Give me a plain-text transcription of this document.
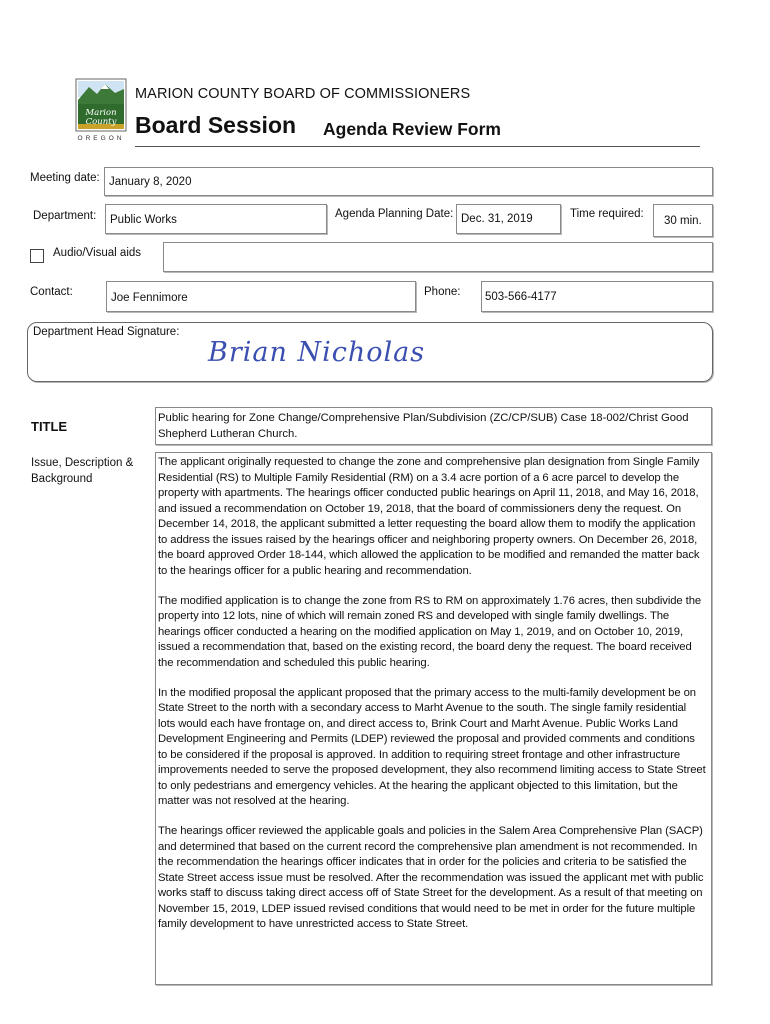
Marion
County
OREGON
MARION COUNTY BOARD OF COMMISSIONERS
Board Session Agenda Review Form
Meeting date: January 8, 2020
Department: Public Works	Agenda Planning Date: Dec. 31, 2019	Time required:
30 min.
Audio/Visual aids
Contact:	Joe Fennimore	Phone: 503-566-4177
Department Head Signature:
Brian Nicholas
TITLE
Public hearing for Zone Change/Comprehensive Plan/Subdivision (ZC/CP/SUB) Case 18-002/Christ Good Shepherd Lutheran Church.
Issue, Description & Background

The applicant originally requested to change the zone and comprehensive plan designation from Single Family Residential (RS) to Multiple Family Residential (RM) on a 3.4 acre portion of a 6 acre parcel to develop the property with apartments. The hearings officer conducted public hearings on April 11, 2018, and May 16, 2018, and issued a recommendation on October 19, 2018, that the board of commissioners deny the request. On December 14, 2018, the applicant submitted a letter requesting the board allow them to modify the application to address the issues raised by the hearings officer and neighboring property owners. On December 26, 2018, the board approved Order 18-144, which allowed the application to be modified and remanded the matter back to the hearings officer for a public hearing and recommendation.

The modified application is to change the zone from RS to RM on approximately 1.76 acres, then subdivide the property into 12 lots, nine of which will remain zoned RS and developed with single family dwellings. The hearings officer conducted a hearing on the modified application on May 1, 2019, and on October 10, 2019, issued a recommendation that, based on the existing record, the board deny the request. The board received the recommendation and scheduled this public hearing.

In the modified proposal the applicant proposed that the primary access to the multi-family development be on State Street to the north with a secondary access to Marht Avenue to the south. The single family residential lots would each have frontage on, and direct access to, Brink Court and Marht Avenue. Public Works Land Development Engineering and Permits (LDEP) reviewed the proposal and provided comments and conditions to be considered if the proposal is approved. In addition to requiring street frontage and other infrastructure improvements needed to serve the proposed development, they also recommend limiting access to State Street to only pedestrians and emergency vehicles. At the hearing the applicant objected to this limitation, but the matter was not resolved at the hearing.

The hearings officer reviewed the applicable goals and policies in the Salem Area Comprehensive Plan (SACP) and determined that based on the current record the comprehensive plan amendment is not recommended. In the recommendation the hearings officer indicates that in order for the policies and criteria to be satisfied the State Street access issue must be resolved. After the recommendation was issued the applicant met with public works staff to discuss taking direct access off of State Street for the development. As a result of that meeting on November 15, 2019, LDEP issued revised conditions that would need to be met in order for the future multiple family development to have unrestricted access to State Street.
